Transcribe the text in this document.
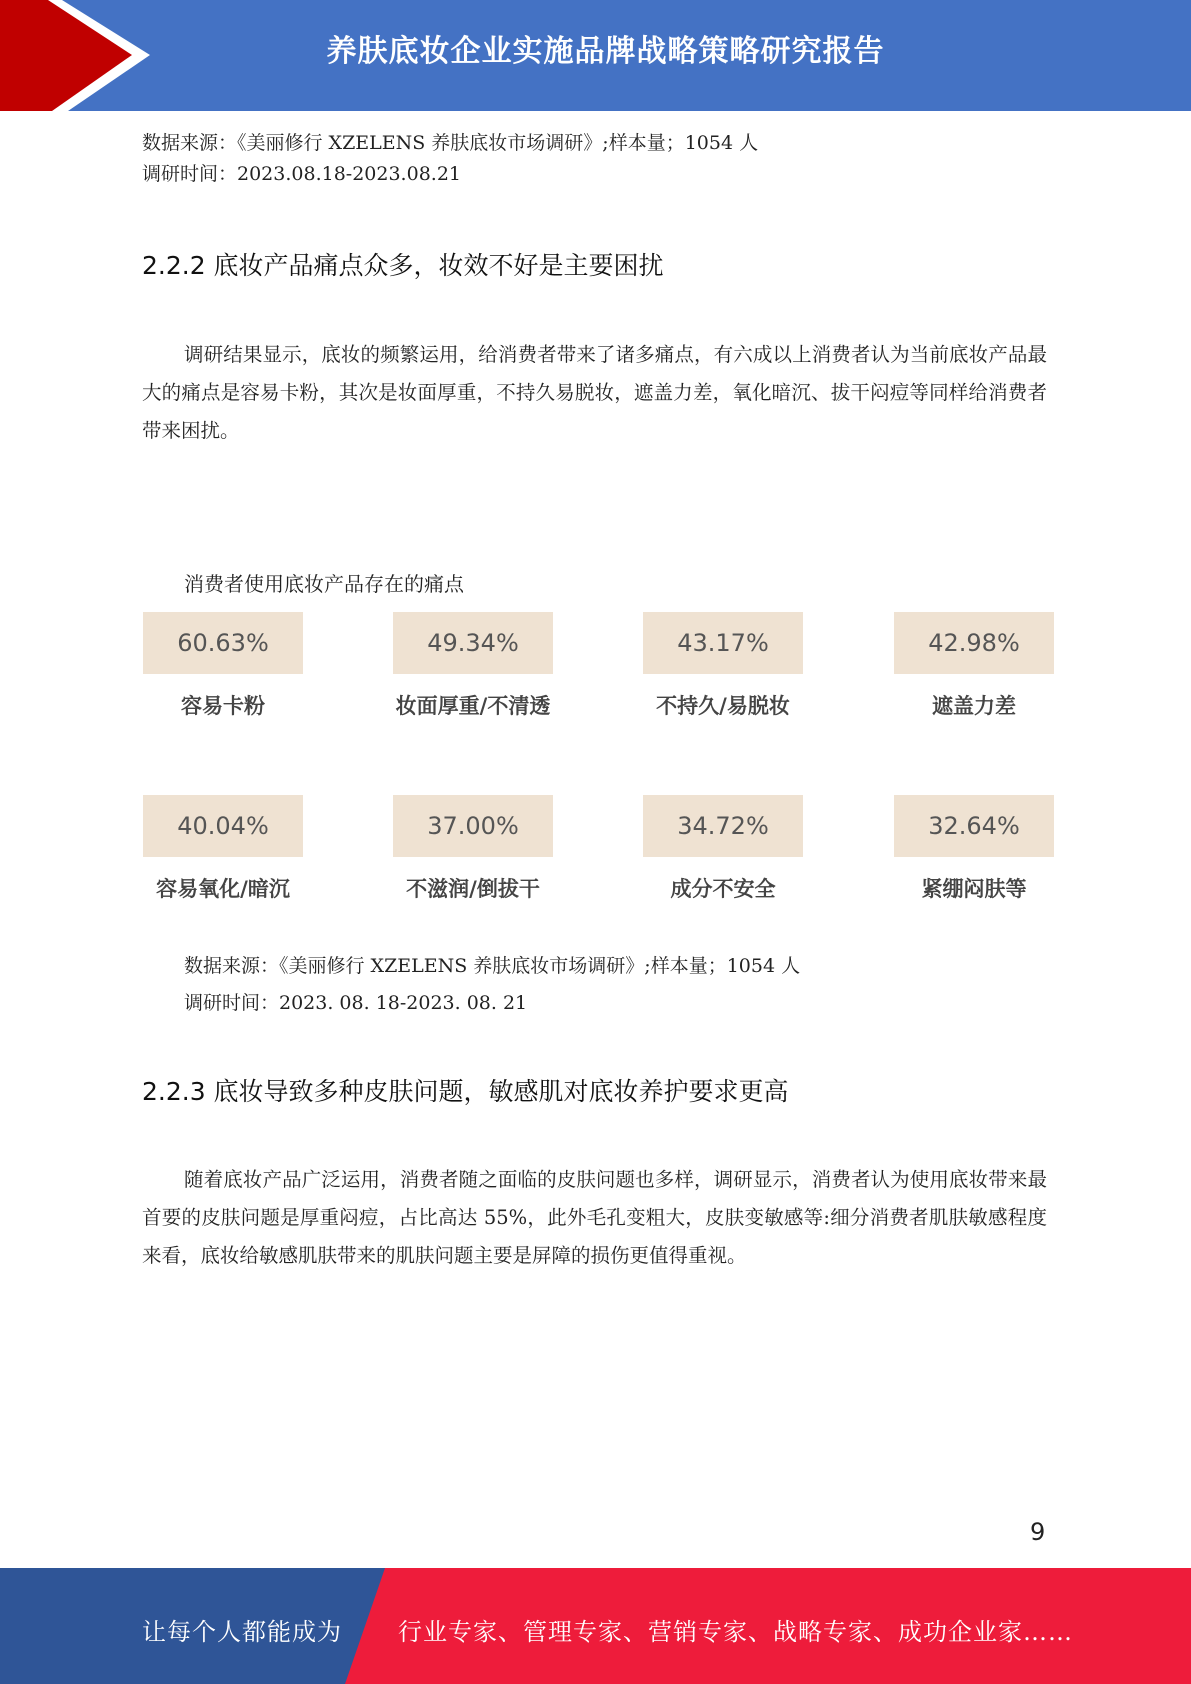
养肤底妆企业实施品牌战略策略研究报告
数据来源：《美丽修行 XZELENS 养肤底妆市场调研》;样本量；1054 人
调研时间：2023.08.18-2023.08.21
2.2.2 底妆产品痛点众多，妆效不好是主要困扰
调研结果显示，底妆的频繁运用，给消费者带来了诸多痛点，有六成以上消费者认为当前底妆产品最大的痛点是容易卡粉，其次是妆面厚重，不持久易脱妆，遮盖力差，氧化暗沉、拔干闷痘等同样给消费者带来困扰。
消费者使用底妆产品存在的痛点
60.63%
容易卡粉
49.34%
妆面厚重/不清透
43.17%
不持久/易脱妆
42.98%
遮盖力差
40.04%
容易氧化/暗沉
37.00%
不滋润/倒拔干
34.72%
成分不安全
32.64%
紧绷闷肤等
数据来源：《美丽修行 XZELENS 养肤底妆市场调研》;样本量；1054 人
调研时间：2023. 08. 18-2023. 08. 21
2.2.3 底妆导致多种皮肤问题，敏感肌对底妆养护要求更高
随着底妆产品广泛运用，消费者随之面临的皮肤问题也多样，调研显示，消费者认为使用底妆带来最首要的皮肤问题是厚重闷痘，占比高达 55%，此外毛孔变粗大，皮肤变敏感等:细分消费者肌肤敏感程度来看，底妆给敏感肌肤带来的肌肤问题主要是屏障的损伤更值得重视。
9
让每个人都能成为 行业专家、管理专家、营销专家、战略专家、成功企业家……
